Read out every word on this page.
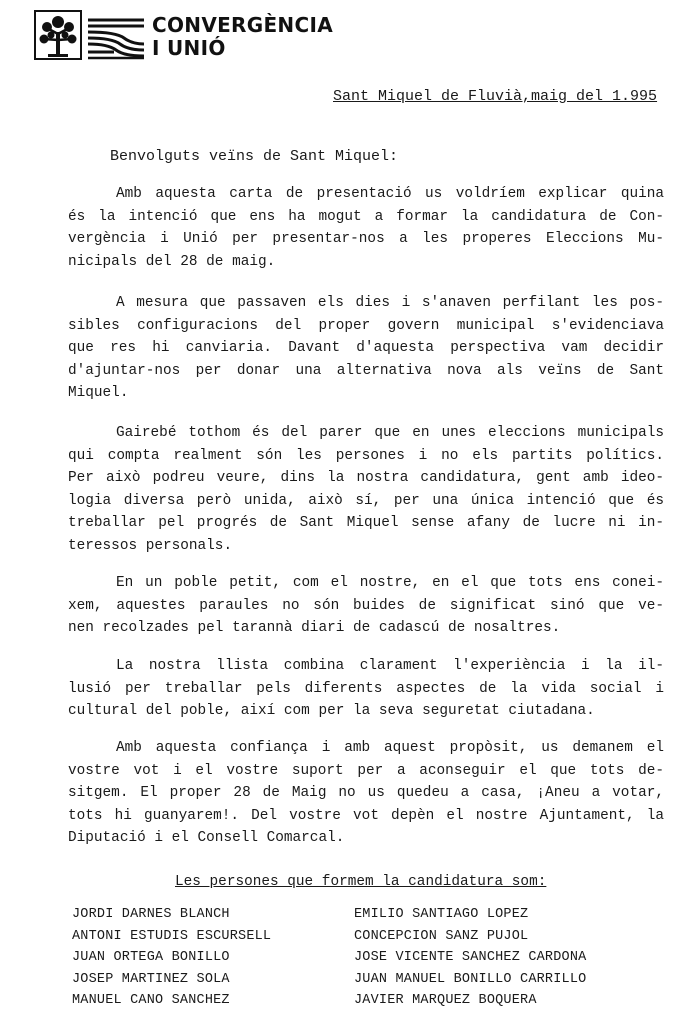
CONVERGÈNCIA
I UNIÓ
Sant Miquel de Fluvià,maig del 1.995
Benvolguts veïns de Sant Miquel:
Amb aquesta carta de presentació us voldríem explicar quina
és la intenció que ens ha mogut a formar la candidatura de Con-
vergència i Unió per presentar-nos a les properes Eleccions Mu-
nicipals del 28 de maig.
A mesura que passaven els dies i s'anaven perfilant les pos-
sibles configuracions del proper govern municipal s'evidenciava
que res hi canviaria. Davant d'aquesta perspectiva vam decidir
d'ajuntar-nos per donar una alternativa nova als veïns de Sant
Miquel.
Gairebé tothom és del parer que en unes eleccions municipals
qui compta realment són les persones i no els partits polítics.
Per això podreu veure, dins la nostra candidatura, gent amb ideo-
logia diversa però unida, això sí, per una única intenció que és
treballar pel progrés de Sant Miquel sense afany de lucre ni in-
teressos personals.
En un poble petit, com el nostre, en el que tots ens conei-
xem, aquestes paraules no són buides de significat sinó que ve-
nen recolzades pel tarannà diari de cadascú de nosaltres.
La nostra llista combina clarament l'experiència i la il-
lusió per treballar pels diferents aspectes de la vida social i
cultural del poble, així com per la seva seguretat ciutadana.
Amb aquesta confiança i amb aquest propòsit, us demanem el
vostre vot i el vostre suport per a aconseguir el que tots de-
sitgem. El proper 28 de Maig no us quedeu a casa, ¡Aneu a votar,
tots hi guanyarem!. Del vostre vot depèn el nostre Ajuntament, la
Diputació i el Consell Comarcal.
Les persones que formem la candidatura som:
JORDI DARNES BLANCH
ANTONI ESTUDIS ESCURSELL
JUAN ORTEGA BONILLO
JOSEP MARTINEZ SOLA
MANUEL CANO SANCHEZ
EMILIO SANTIAGO LOPEZ
CONCEPCION SANZ PUJOL
JOSE VICENTE SANCHEZ CARDONA
JUAN MANUEL BONILLO CARRILLO
JAVIER MARQUEZ BOQUERA
